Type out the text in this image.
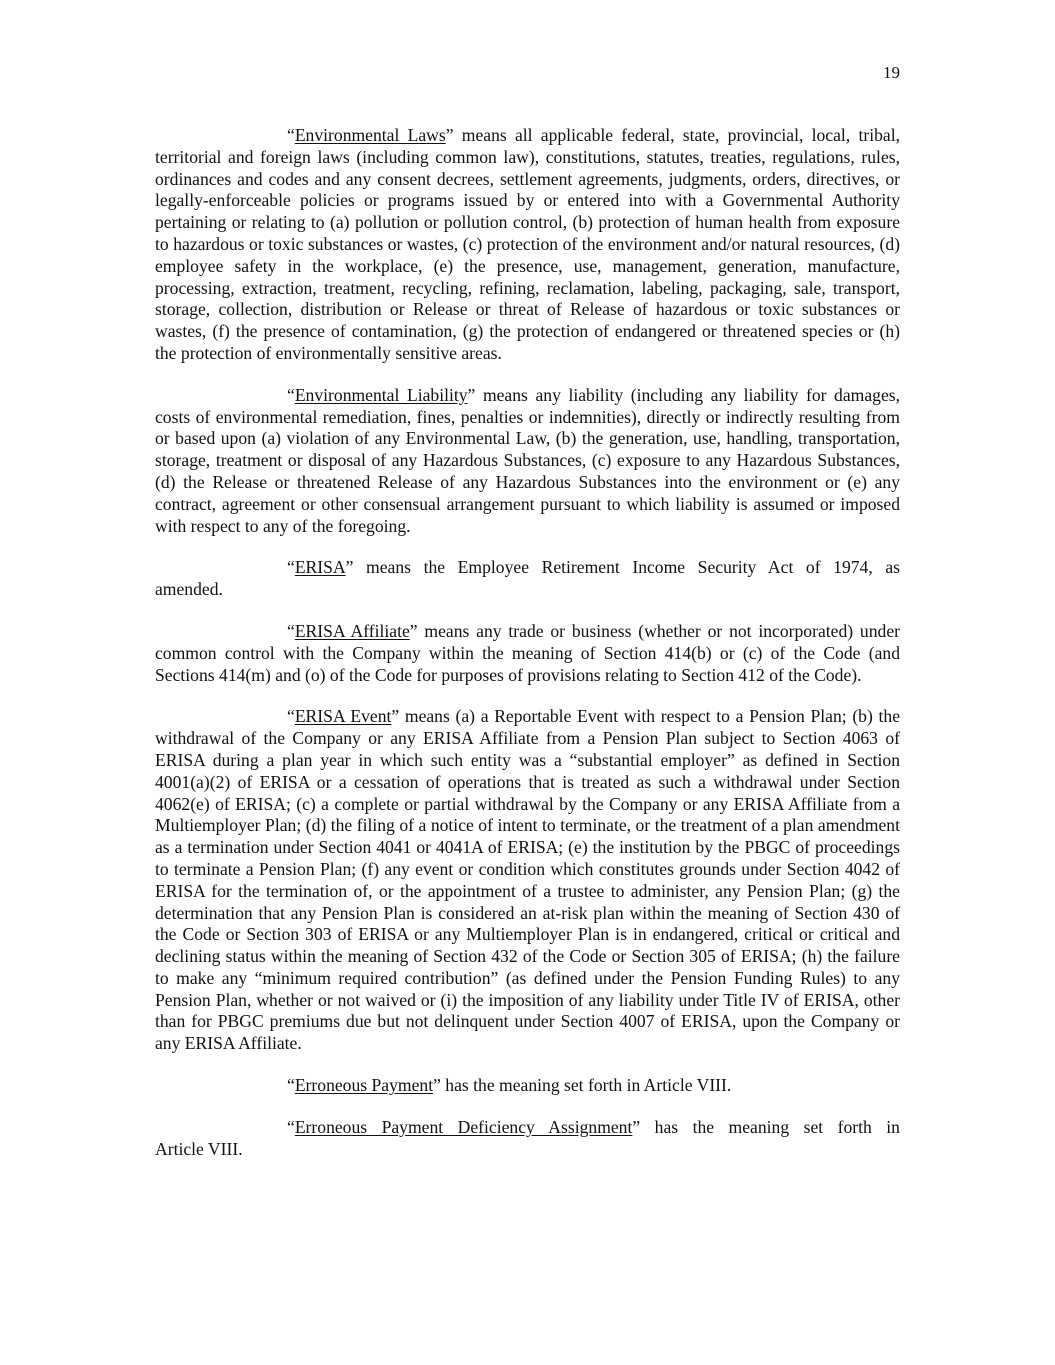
19

“Environmental Laws” means all applicable federal, state, provincial, local, tribal, territorial and foreign laws (including common law), constitutions, statutes, treaties, regulations, rules, ordinances and codes and any consent decrees, settlement agreements, judgments, orders, directives, or legally-enforceable policies or programs issued by or entered into with a Governmental Authority pertaining or relating to (a) pollution or pollution control, (b) protection of human health from exposure to hazardous or toxic substances or wastes, (c) protection of the environment and/or natural resources, (d) employee safety in the workplace, (e) the presence, use, management, generation, manufacture, processing, extraction, treatment, recycling, refining, reclamation, labeling, packaging, sale, transport, storage, collection, distribution or Release or threat of Release of hazardous or toxic substances or wastes, (f) the presence of contamination, (g) the protection of endangered or threatened species or (h) the protection of environmentally sensitive areas.

“Environmental Liability” means any liability (including any liability for damages, costs of environmental remediation, fines, penalties or indemnities), directly or indirectly resulting from or based upon (a) violation of any Environmental Law, (b) the generation, use, handling, transportation, storage, treatment or disposal of any Hazardous Substances, (c) exposure to any Hazardous Substances, (d) the Release or threatened Release of any Hazardous Substances into the environment or (e) any contract, agreement or other consensual arrangement pursuant to which liability is assumed or imposed with respect to any of the foregoing.

“ERISA” means the Employee Retirement Income Security Act of 1974, as
amended.

“ERISA Affiliate” means any trade or business (whether or not incorporated) under common control with the Company within the meaning of Section 414(b) or (c) of the Code (and Sections 414(m) and (o) of the Code for purposes of provisions relating to Section 412 of the Code).

“ERISA Event” means (a) a Reportable Event with respect to a Pension Plan; (b) the withdrawal of the Company or any ERISA Affiliate from a Pension Plan subject to Section 4063 of ERISA during a plan year in which such entity was a “substantial employer” as defined in Section 4001(a)(2) of ERISA or a cessation of operations that is treated as such a withdrawal under Section 4062(e) of ERISA; (c) a complete or partial withdrawal by the Company or any ERISA Affiliate from a Multiemployer Plan; (d) the filing of a notice of intent to terminate, or the treatment of a plan amendment as a termination under Section 4041 or 4041A of ERISA; (e) the institution by the PBGC of proceedings to terminate a Pension Plan; (f) any event or condition which constitutes grounds under Section 4042 of ERISA for the termination of, or the appointment of a trustee to administer, any Pension Plan; (g) the determination that any Pension Plan is considered an at-risk plan within the meaning of Section 430 of the Code or Section 303 of ERISA or any Multiemployer Plan is in endangered, critical or critical and declining status within the meaning of Section 432 of the Code or Section 305 of ERISA; (h) the failure to make any “minimum required contribution” (as defined under the Pension Funding Rules) to any Pension Plan, whether or not waived or (i) the imposition of any liability under Title IV of ERISA, other than for PBGC premiums due but not delinquent under Section 4007 of ERISA, upon the Company or any ERISA Affiliate.

“Erroneous Payment” has the meaning set forth in Article VIII.

“Erroneous Payment Deficiency Assignment” has the meaning set forth in
Article VIII.
